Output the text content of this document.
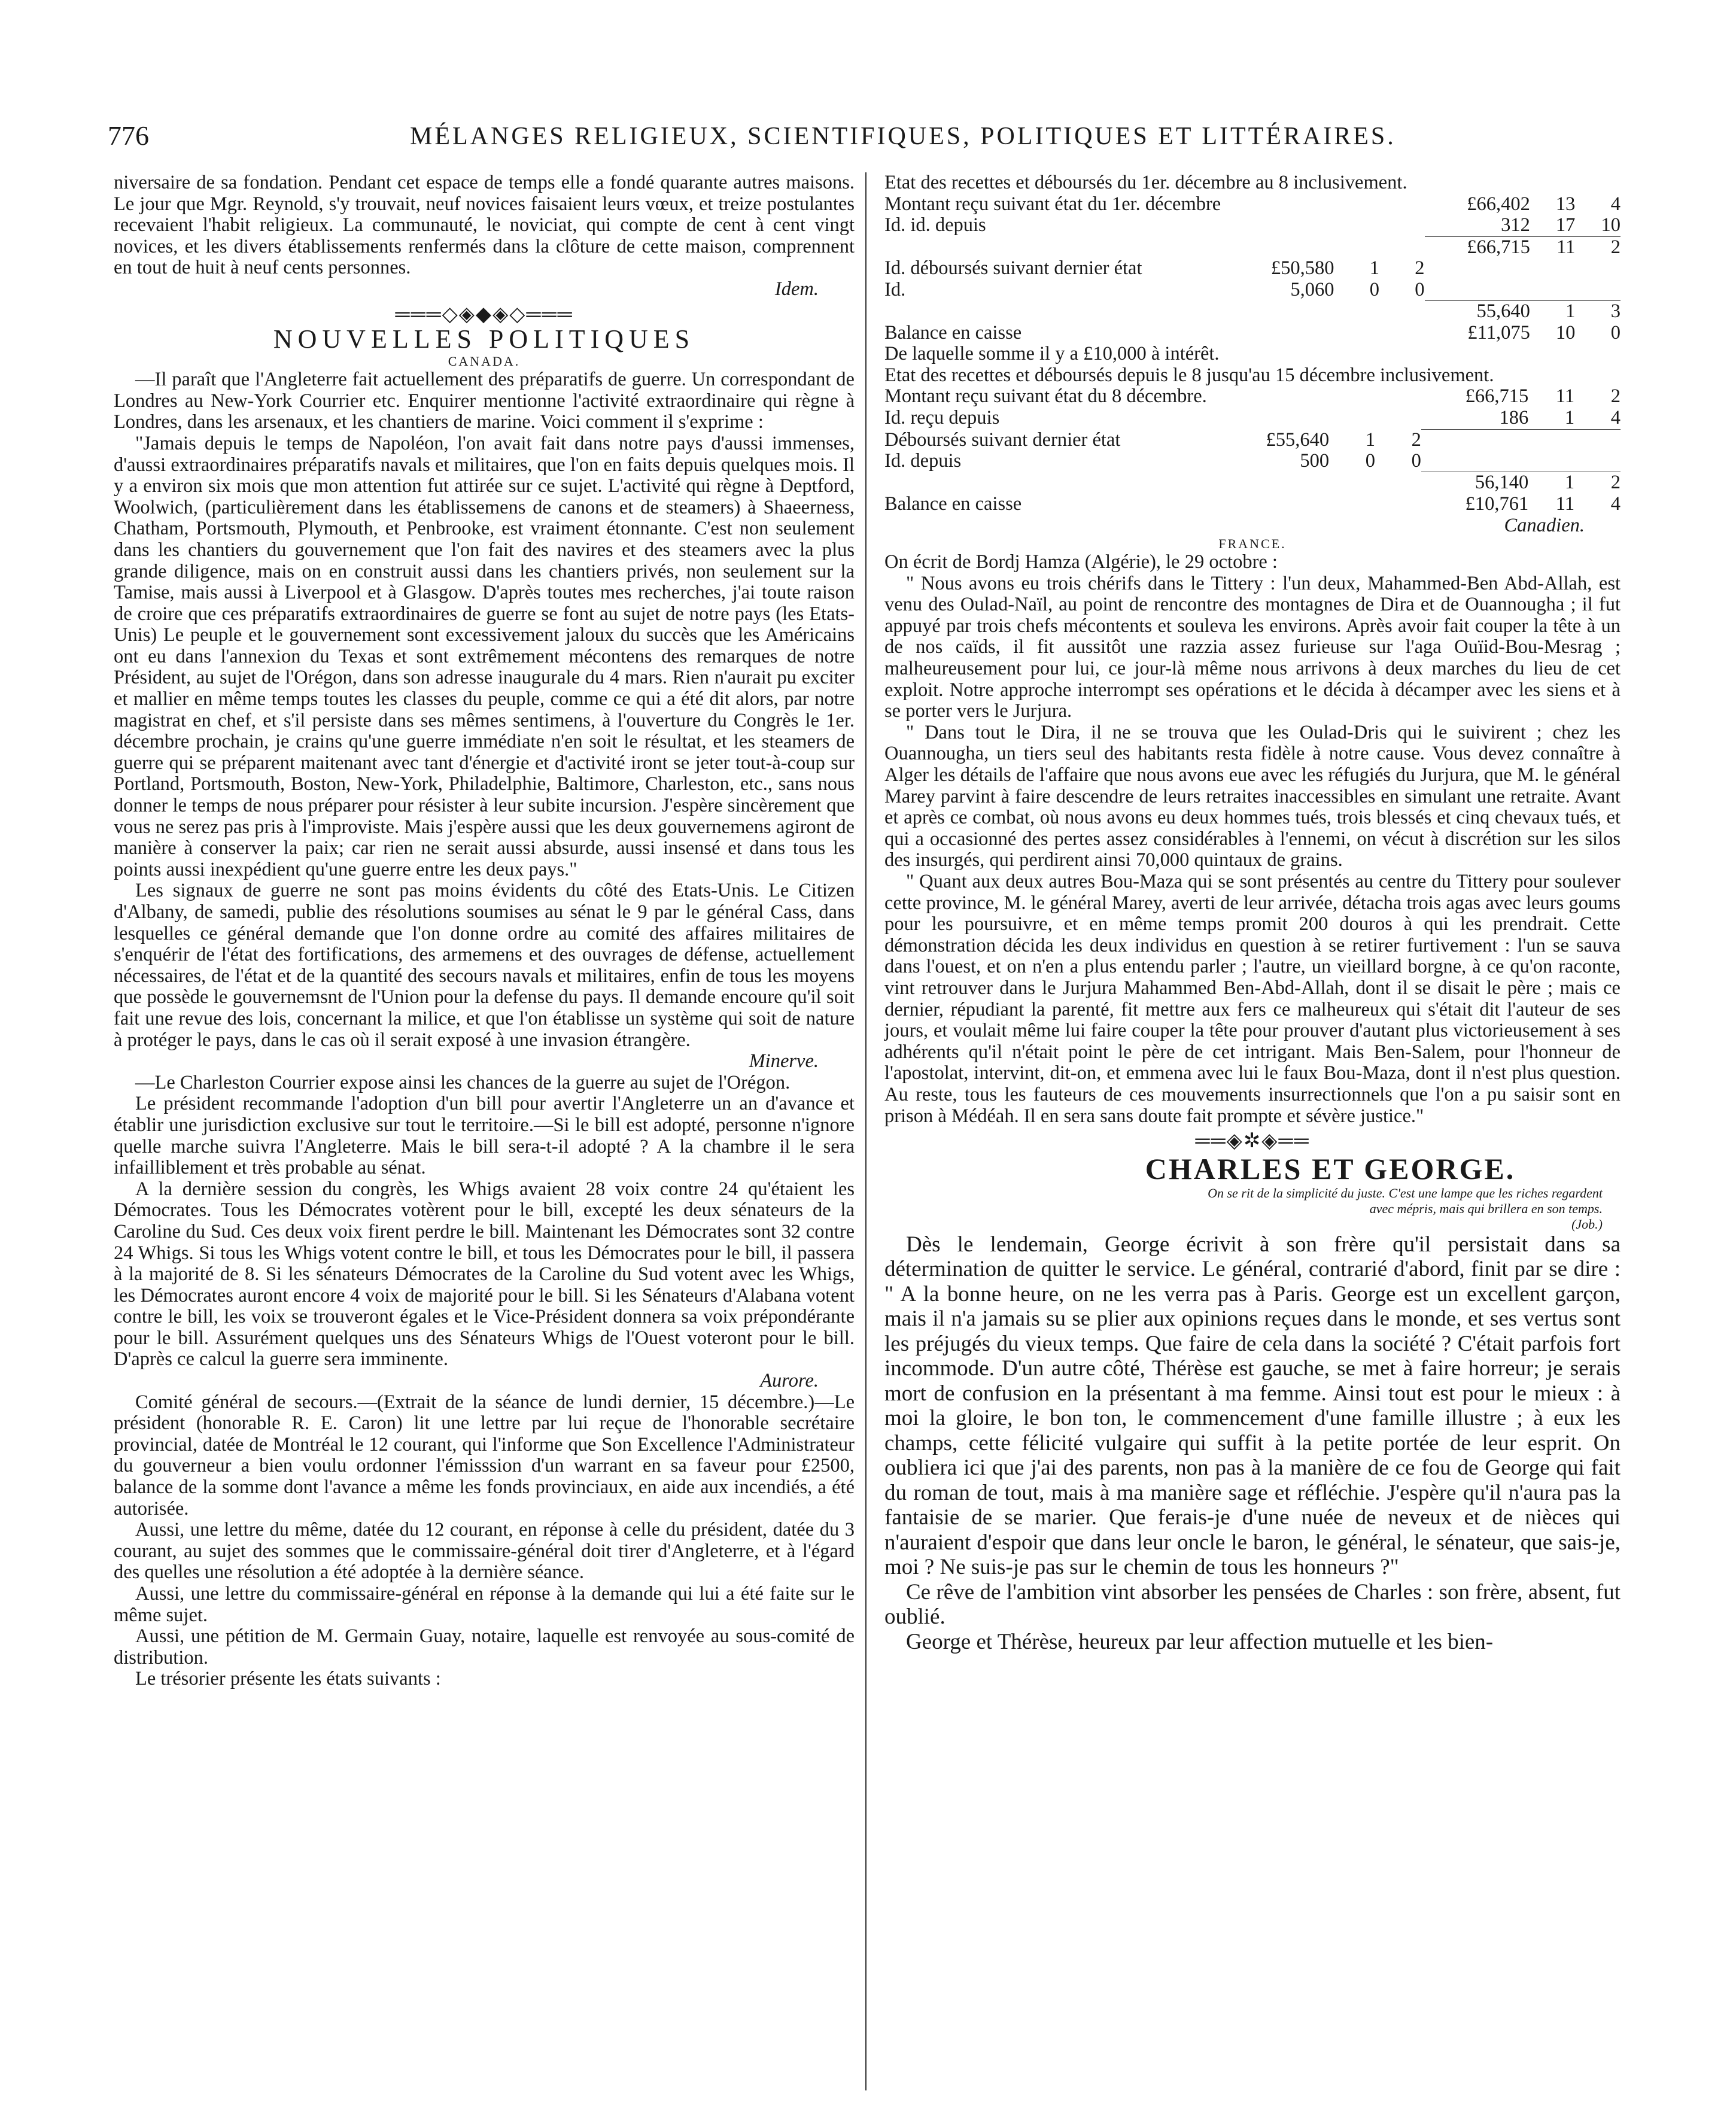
776	MÉLANGES RELIGIEUX, SCIENTIFIQUES, POLITIQUES ET LITTÉRAIRES.

niversaire de sa fondation. Pendant cet espace de temps elle a fondé quarante autres maisons. Le jour que Mgr. Reynold, s'y trouvait, neuf novices faisaient leurs vœux, et treize postulantes recevaient l'habit religieux. La communauté, le noviciat, qui compte de cent à cent vingt novices, et les divers établissements renfermés dans la clôture de cette maison, comprennent en tout de huit à neuf cents personnes.

Idem.

═══◇◈◆◈◇═══
NOUVELLES POLITIQUES
CANADA.

—Il paraît que l'Angleterre fait actuellement des préparatifs de guerre. Un correspondant de Londres au New-York Courrier etc. Enquirer mentionne l'activité extraordinaire qui règne à Londres, dans les arsenaux, et les chantiers de marine. Voici comment il s'exprime :

"Jamais depuis le temps de Napoléon, l'on avait fait dans notre pays d'aussi immenses, d'aussi extraordinaires préparatifs navals et militaires, que l'on en faits depuis quelques mois. Il y a environ six mois que mon attention fut attirée sur ce sujet. L'activité qui règne à Deptford, Woolwich, (particulièrement dans les établissemens de canons et de steamers) à Shaeerness, Chatham, Portsmouth, Plymouth, et Penbrooke, est vraiment étonnante. C'est non seulement dans les chantiers du gouvernement que l'on fait des navires et des steamers avec la plus grande diligence, mais on en construit aussi dans les chantiers privés, non seulement sur la Tamise, mais aussi à Liverpool et à Glasgow. D'après toutes mes recherches, j'ai toute raison de croire que ces préparatifs extraordinaires de guerre se font au sujet de notre pays (les Etats-Unis) Le peuple et le gouvernement sont excessivement jaloux du succès que les Américains ont eu dans l'annexion du Texas et sont extrêmement mécontens des remarques de notre Président, au sujet de l'Orégon, dans son adresse inaugurale du 4 mars. Rien n'aurait pu exciter et mallier en même temps toutes les classes du peuple, comme ce qui a été dit alors, par notre magistrat en chef, et s'il persiste dans ses mêmes sentimens, à l'ouverture du Congrès le 1er. décembre prochain, je crains qu'une guerre immédiate n'en soit le résultat, et les steamers de guerre qui se préparent maitenant avec tant d'énergie et d'activité iront se jeter tout-à-coup sur Portland, Portsmouth, Boston, New-York, Philadelphie, Baltimore, Charleston, etc., sans nous donner le temps de nous préparer pour résister à leur subite incursion. J'espère sincèrement que vous ne serez pas pris à l'improviste. Mais j'espère aussi que les deux gouvernemens agiront de manière à conserver la paix; car rien ne serait aussi absurde, aussi insensé et dans tous les points aussi inexpédient qu'une guerre entre les deux pays."

Les signaux de guerre ne sont pas moins évidents du côté des Etats-Unis. Le Citizen d'Albany, de samedi, publie des résolutions soumises au sénat le 9 par le général Cass, dans lesquelles ce général demande que l'on donne ordre au comité des affaires militaires de s'enquérir de l'état des fortifications, des armemens et des ouvrages de défense, actuellement nécessaires, de l'état et de la quantité des secours navals et militaires, enfin de tous les moyens que possède le gouvernemsnt de l'Union pour la defense du pays. Il demande encoure qu'il soit fait une revue des lois, concernant la milice, et que l'on établisse un système qui soit de nature à protéger le pays, dans le cas où il serait exposé à une invasion étrangère.

Minerve.

—Le Charleston Courrier expose ainsi les chances de la guerre au sujet de l'Orégon.

Le président recommande l'adoption d'un bill pour avertir l'Angleterre un an d'avance et établir une jurisdiction exclusive sur tout le territoire.—Si le bill est adopté, personne n'ignore quelle marche suivra l'Angleterre. Mais le bill sera-t-il adopté ? A la chambre il le sera infailliblement et très probable au sénat.

A la dernière session du congrès, les Whigs avaient 28 voix contre 24 qu'étaient les Démocrates. Tous les Démocrates votèrent pour le bill, excepté les deux sénateurs de la Caroline du Sud. Ces deux voix firent perdre le bill. Maintenant les Démocrates sont 32 contre 24 Whigs. Si tous les Whigs votent contre le bill, et tous les Démocrates pour le bill, il passera à la majorité de 8. Si les sénateurs Démocrates de la Caroline du Sud votent avec les Whigs, les Démocrates auront encore 4 voix de majorité pour le bill. Si les Sénateurs d'Alabana votent contre le bill, les voix se trouveront égales et le Vice-Président donnera sa voix prépondérante pour le bill. Assurément quelques uns des Sénateurs Whigs de l'Ouest voteront pour le bill. D'après ce calcul la guerre sera imminente.

Aurore.

Comité général de secours.—(Extrait de la séance de lundi dernier, 15 décembre.)—Le président (honorable R. E. Caron) lit une lettre par lui reçue de l'honorable secrétaire provincial, datée de Montréal le 12 courant, qui l'informe que Son Excellence l'Administrateur du gouverneur a bien voulu ordonner l'émisssion d'un warrant en sa faveur pour £2500, balance de la somme dont l'avance a même les fonds provinciaux, en aide aux incendiés, a été autorisée.

Aussi, une lettre du même, datée du 12 courant, en réponse à celle du président, datée du 3 courant, au sujet des sommes que le commissaire-général doit tirer d'Angleterre, et à l'égard des quelles une résolution a été adoptée à la dernière séance.

Aussi, une lettre du commissaire-général en réponse à la demande qui lui a été faite sur le même sujet.

Aussi, une pétition de M. Germain Guay, notaire, laquelle est renvoyée au sous-comité de distribution.

Le trésorier présente les états suivants :

Etat des recettes et déboursés du 1er. décembre au 8 inclusivement.

Montant reçu suivant état du 1er. décembre				£66,402	13	4
Id. id. depuis				312	17	10
				£66,715	11	2
Id. déboursés suivant dernier état	£50,580	1	2			
Id.	5,060	0	0			
				55,640	1	3
Balance en caisse				£11,075	10	0

De laquelle somme il y a £10,000 à intérêt.

Etat des recettes et déboursés depuis le 8 jusqu'au 15 décembre inclusivement.

Montant reçu suivant état du 8 décembre.				£66,715	11	2
Id. reçu depuis				186	1	4

Déboursés suivant dernier état	£55,640	1	2			
Id. depuis	500	0	0			
				56,140	1	2
Balance en caisse				£10,761	11	4

Canadien.

FRANCE.

On écrit de Bordj Hamza (Algérie), le 29 octobre :

" Nous avons eu trois chérifs dans le Tittery : l'un deux, Mahammed-Ben Abd-Allah, est venu des Oulad-Naïl, au point de rencontre des montagnes de Dira et de Ouannougha ; il fut appuyé par trois chefs mécontents et souleva les environs. Après avoir fait couper la tête à un de nos caïds, il fit aussitôt une razzia assez furieuse sur l'aga Ouïid-Bou-Mesrag ; malheureusement pour lui, ce jour-là même nous arrivons à deux marches du lieu de cet exploit. Notre approche interrompt ses opérations et le décida à décamper avec les siens et à se porter vers le Jurjura.

" Dans tout le Dira, il ne se trouva que les Oulad-Dris qui le suivirent ; chez les Ouannougha, un tiers seul des habitants resta fidèle à notre cause. Vous devez connaître à Alger les détails de l'affaire que nous avons eue avec les réfugiés du Jurjura, que M. le général Marey parvint à faire descendre de leurs retraites inaccessibles en simulant une retraite. Avant et après ce combat, où nous avons eu deux hommes tués, trois blessés et cinq chevaux tués, et qui a occasionné des pertes assez considérables à l'ennemi, on vécut à discrétion sur les silos des insurgés, qui perdirent ainsi 70,000 quintaux de grains.

" Quant aux deux autres Bou-Maza qui se sont présentés au centre du Tittery pour soulever cette province, M. le général Marey, averti de leur arrivée, détacha trois agas avec leurs goums pour les poursuivre, et en même temps promit 200 douros à qui les prendrait. Cette démonstration décida les deux individus en question à se retirer furtivement : l'un se sauva dans l'ouest, et on n'en a plus entendu parler ; l'autre, un vieillard borgne, à ce qu'on raconte, vint retrouver dans le Jurjura Mahammed Ben-Abd-Allah, dont il se disait le père ; mais ce dernier, répudiant la parenté, fit mettre aux fers ce malheureux qui s'était dit l'auteur de ses jours, et voulait même lui faire couper la tête pour prouver d'autant plus victorieusement à ses adhérents qu'il n'était point le père de cet intrigant. Mais Ben-Salem, pour l'honneur de l'apostolat, intervint, dit-on, et emmena avec lui le faux Bou-Maza, dont il n'est plus question. Au reste, tous les fauteurs de ces mouvements insurrectionnels que l'on a pu saisir sont en prison à Médéah. Il en sera sans doute fait prompte et sévère justice."

══◈✲◈══
CHARLES ET GEORGE.

On se rit de la simplicité du juste. C'est une lampe que les riches regardent avec mépris, mais qui brillera en son temps.

(Job.)

Dès le lendemain, George écrivit à son frère qu'il persistait dans sa détermination de quitter le service. Le général, contrarié d'abord, finit par se dire : " A la bonne heure, on ne les verra pas à Paris. George est un excellent garçon, mais il n'a jamais su se plier aux opinions reçues dans le monde, et ses vertus sont les préjugés du vieux temps. Que faire de cela dans la société ? C'était parfois fort incommode. D'un autre côté, Thérèse est gauche, se met à faire horreur; je serais mort de confusion en la présentant à ma femme. Ainsi tout est pour le mieux : à moi la gloire, le bon ton, le commencement d'une famille illustre ; à eux les champs, cette félicité vulgaire qui suffit à la petite portée de leur esprit. On oubliera ici que j'ai des parents, non pas à la manière de ce fou de George qui fait du roman de tout, mais à ma manière sage et réfléchie. J'espère qu'il n'aura pas la fantaisie de se marier. Que ferais-je d'une nuée de neveux et de nièces qui n'auraient d'espoir que dans leur oncle le baron, le général, le sénateur, que sais-je, moi ? Ne suis-je pas sur le chemin de tous les honneurs ?"

Ce rêve de l'ambition vint absorber les pensées de Charles : son frère, absent, fut oublié.

George et Thérèse, heureux par leur affection mutuelle et les bien-
